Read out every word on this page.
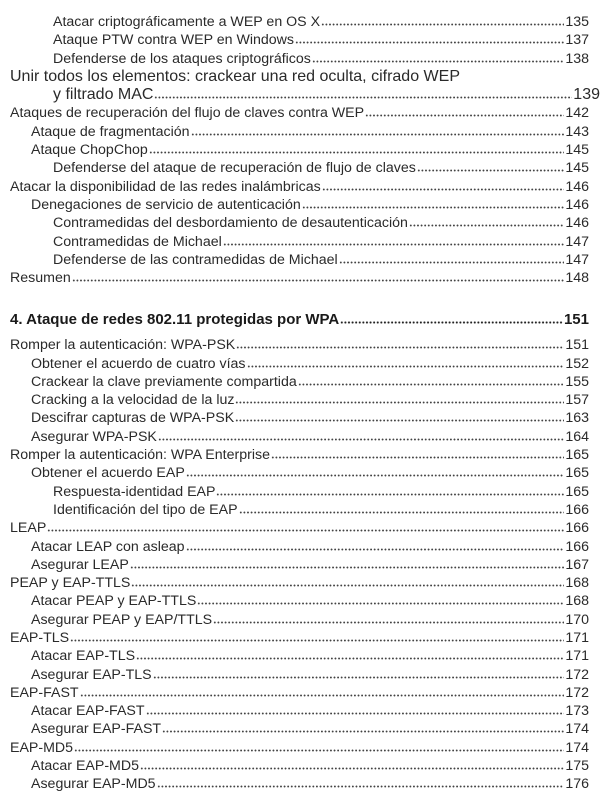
Atacar criptográficamente a WEP en OS X	135
Ataque PTW contra WEP en Windows	137
Defenderse de los ataques criptográficos	138
Unir todos los elementos: crackear una red oculta, cifrado WEP
y filtrado MAC	139
Ataques de recuperación del flujo de claves contra WEP	142
Ataque de fragmentación	143
Ataque ChopChop	145
Defenderse del ataque de recuperación de flujo de claves	145
Atacar la disponibilidad de las redes inalámbricas	146
Denegaciones de servicio de autenticación	146
Contramedidas del desbordamiento de desautenticación	146
Contramedidas de Michael	147
Defenderse de las contramedidas de Michael	147
Resumen	148
4. Ataque de redes 802.11 protegidas por WPA	151
Romper la autenticación: WPA-PSK	151
Obtener el acuerdo de cuatro vías	152
Crackear la clave previamente compartida	155
Cracking a la velocidad de la luz	157
Descifrar capturas de WPA-PSK	163
Asegurar WPA-PSK	164
Romper la autenticación: WPA Enterprise	165
Obtener el acuerdo EAP	165
Respuesta-identidad EAP	165
Identificación del tipo de EAP	166
LEAP	166
Atacar LEAP con asleap	166
Asegurar LEAP	167
PEAP y EAP-TTLS	168
Atacar PEAP y EAP-TTLS	168
Asegurar PEAP y EAP/TTLS	170
EAP-TLS	171
Atacar EAP-TLS	171
Asegurar EAP-TLS	172
EAP-FAST	172
Atacar EAP-FAST	173
Asegurar EAP-FAST	174
EAP-MD5	174
Atacar EAP-MD5	175
Asegurar EAP-MD5	176
